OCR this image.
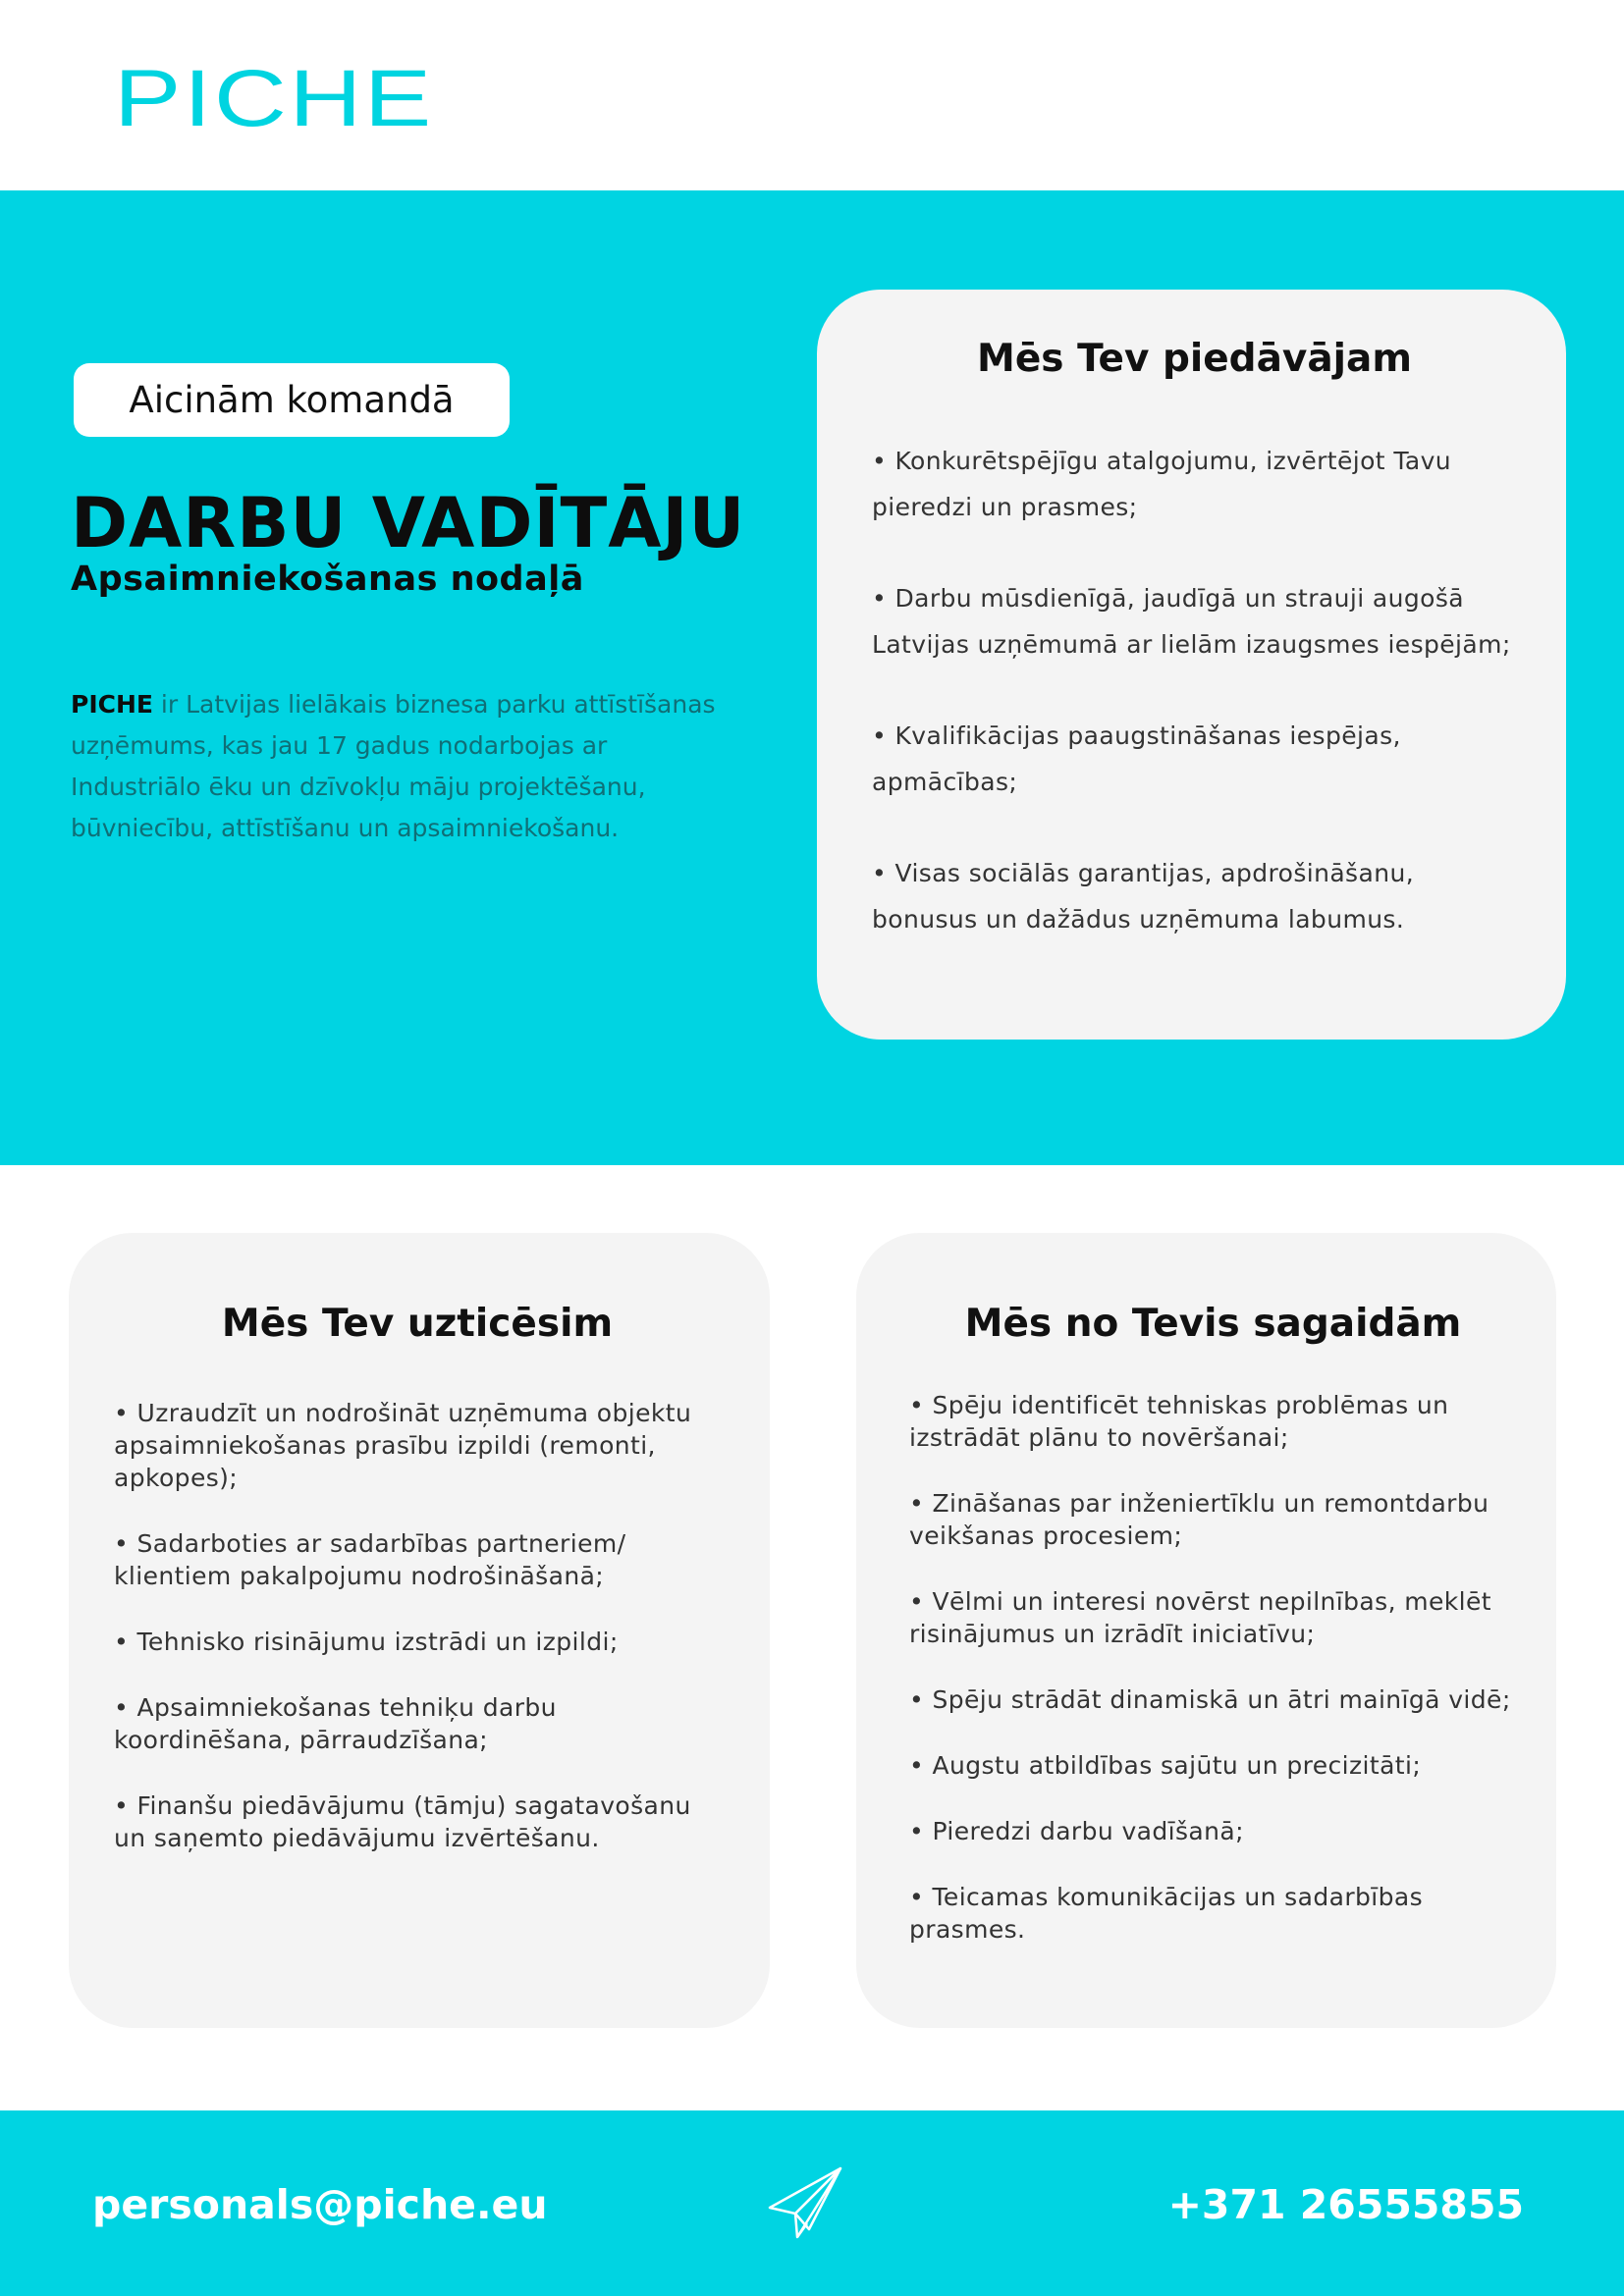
PICHE
Aicinām komandā
DARBU VADĪTĀJU
Apsaimniekošanas nodaļā
PICHE ir Latvijas lielākais biznesa parku attīstīšanas uzņēmums, kas jau 17 gadus nodarbojas ar Industriālo ēku un dzīvokļu māju projektēšanu, būvniecību, attīstīšanu un apsaimniekošanu.
Mēs Tev piedāvājam
• Konkurētspējīgu atalgojumu, izvērtējot Tavu pieredzi un prasmes;
• Darbu mūsdienīgā, jaudīgā un strauji augošā Latvijas uzņēmumā ar lielām izaugsmes iespējām;
• Kvalifikācijas paaugstināšanas iespējas, apmācības;
• Visas sociālās garantijas, apdrošināšanu, bonusus un dažādus uzņēmuma labumus.
Mēs Tev uzticēsim
• Uzraudzīt un nodrošināt uzņēmuma objektu apsaimniekošanas prasību izpildi (remonti, apkopes);
• Sadarboties ar sadarbības partneriem/ klientiem pakalpojumu nodrošināšanā;
• Tehnisko risinājumu izstrādi un izpildi;
• Apsaimniekošanas tehniķu darbu koordinēšana, pārraudzīšana;
• Finanšu piedāvājumu (tāmju) sagatavošanu un saņemto piedāvājumu izvērtēšanu.
Mēs no Tevis sagaidām
• Spēju identificēt tehniskas problēmas un izstrādāt plānu to novēršanai;
• Zināšanas par inženiertīklu un remontdarbu veikšanas procesiem;
• Vēlmi un interesi novērst nepilnības, meklēt risinājumus un izrādīt iniciatīvu;
• Spēju strādāt dinamiskā un ātri mainīgā vidē;
• Augstu atbildības sajūtu un precizitāti;
• Pieredzi darbu vadīšanā;
• Teicamas komunikācijas un sadarbības prasmes.
personals@piche.eu	+371 26555855
